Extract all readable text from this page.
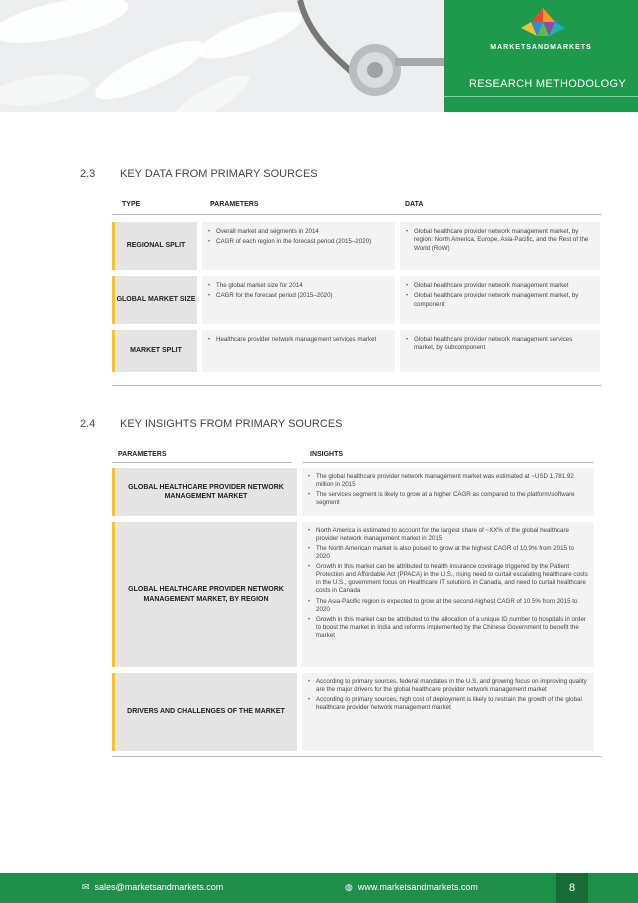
MARKETSANDMARKETS
RESEARCH METHODOLOGY
2.3 KEY DATA FROM PRIMARY SOURCES
TYPE	PARAMETERS	DATA
REGIONAL SPLIT
• Overall market and segments in 2014
• CAGR of each region in the forecast period (2015–2020)
• Global healthcare provider network management market, by region: North America, Europe, Asia-Pacific, and the Rest of the World (RoW)
GLOBAL MARKET SIZE
• The global market size for 2014
• CAGR for the forecast period (2015–2020)
• Global healthcare provider network management market
• Global healthcare provider network management market, by component
MARKET SPLIT
• Healthcare provider network management services market
•	Global healthcare provider network management services market, by subcomponent
2.4 KEY INSIGHTS FROM PRIMARY SOURCES
PARAMETERS	INSIGHTS
GLOBAL HEALTHCARE PROVIDER NETWORK MANAGEMENT MARKET
• The global healthcare provider network management market was estimated at ~USD 1,781.92 million in 2015
• The services segment is likely to grow at a higher CAGR as compared to the platform/software segment
GLOBAL HEALTHCARE PROVIDER NETWORK MANAGEMENT MARKET, BY REGION
• North America is estimated to account for the largest share of ~XX% of the global healthcare provider network management market in 2015
• The North American market is also poised to grow at the highest CAGR of 10.9% from 2015 to 2020
• Growth in this market can be attributed to health insurance coverage triggered by the Patient Protection and Affordable Act (PPACA) in the U.S., rising need to curtail escalating healthcare costs in the U.S., government focus on Healthcare IT solutions in Canada, and need to curtail healthcare costs in Canada
• The Asia-Pacific region is expected to grow at the second-highest CAGR of 10.5% from 2015 to 2020
• Growth in this market can be attributed to the allocation of a unique ID number to hospitals in order to boost the market in India and reforms implemented by the Chinese Government to benefit the market
DRIVERS AND CHALLENGES OF THE MARKET
• According to primary sources, federal mandates in the U.S. and growing focus on improving quality are the major drivers for the global healthcare provider network management market
• According to primary sources, high cost of deployment is likely to restrain the growth of the global healthcare provider network management market
✉ sales@marketsandmarkets.com	◍ www.marketsandmarkets.com	8
